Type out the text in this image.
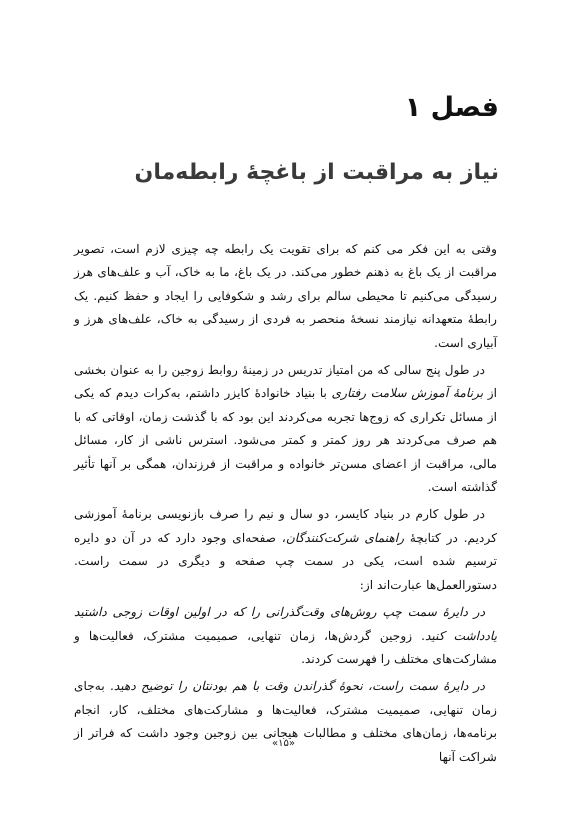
فصل ۱
نیاز به مراقبت از باغچهٔ رابطه‌مان

وقتی به این فکر می کنم که برای تقویت یک رابطه چه چیزی لازم است، تصویر مراقبت از یک باغ به ذهنم خطور می‌کند. در یک باغ، ما به خاک، آب و علف‌های هرز رسیدگی می‌کنیم تا محیطی سالم برای رشد و شکوفایی را ایجاد و حفظ کنیم. یک رابطهٔ متعهدانه نیازمند نسخهٔ منحصر به فردی از رسیدگی به خاک، علف‌های هرز و آبیاری است.

در طول پنج سالی که من امتیاز تدریس در زمینهٔ روابط زوجین را به عنوان بخشی از برنامهٔ آموزش سلامت رفتاری با بنیاد خانوادهٔ کایزر داشتم، به‌کرات دیدم که یکی از مسائل تکراری که زوج‌ها تجربه می‌کردند این بود که با گذشت زمان، اوقاتی که با هم صرف می‌کردند هر روز کمتر و کمتر می‌شود. استرس ناشی از کار، مسائل مالی، مراقبت از اعضای مسن‌تر خانواده و مراقبت از فرزندان، همگی بر آنها تأثیر گذاشته است.

در طول کارم در بنیاد کایسر، دو سال و نیم را صرف بازنویسی برنامهٔ آموزشی کردیم. در کتابچهٔ راهنمای شرکت‌کنندگان، صفحه‌ای وجود دارد که در آن دو دایره ترسیم شده است، یکی در سمت چپ صفحه و دیگری در سمت راست. دستورالعمل‌ها عبارت‌اند از:

در دایرهٔ سمت چپ روش‌های وقت‌گذرانی را که در اولین اوقات زوجی داشتید یادداشت کنید. زوجین گردش‌ها، زمان تنهایی، صمیمیت مشترک، فعالیت‌ها و مشارکت‌های مختلف را فهرست کردند.

در دایرهٔ سمت راست، نحوهٔ گذراندن وقت با هم بودنتان را توضیح دهید. به‌جای زمان تنهایی، صمیمیت مشترک، فعالیت‌ها و مشارکت‌های مختلف، کار، انجام برنامه‌ها، زمان‌های مختلف و مطالبات هیجانی بین زوجین وجود داشت که فراتر از شراکت آنها

«۱۵»
